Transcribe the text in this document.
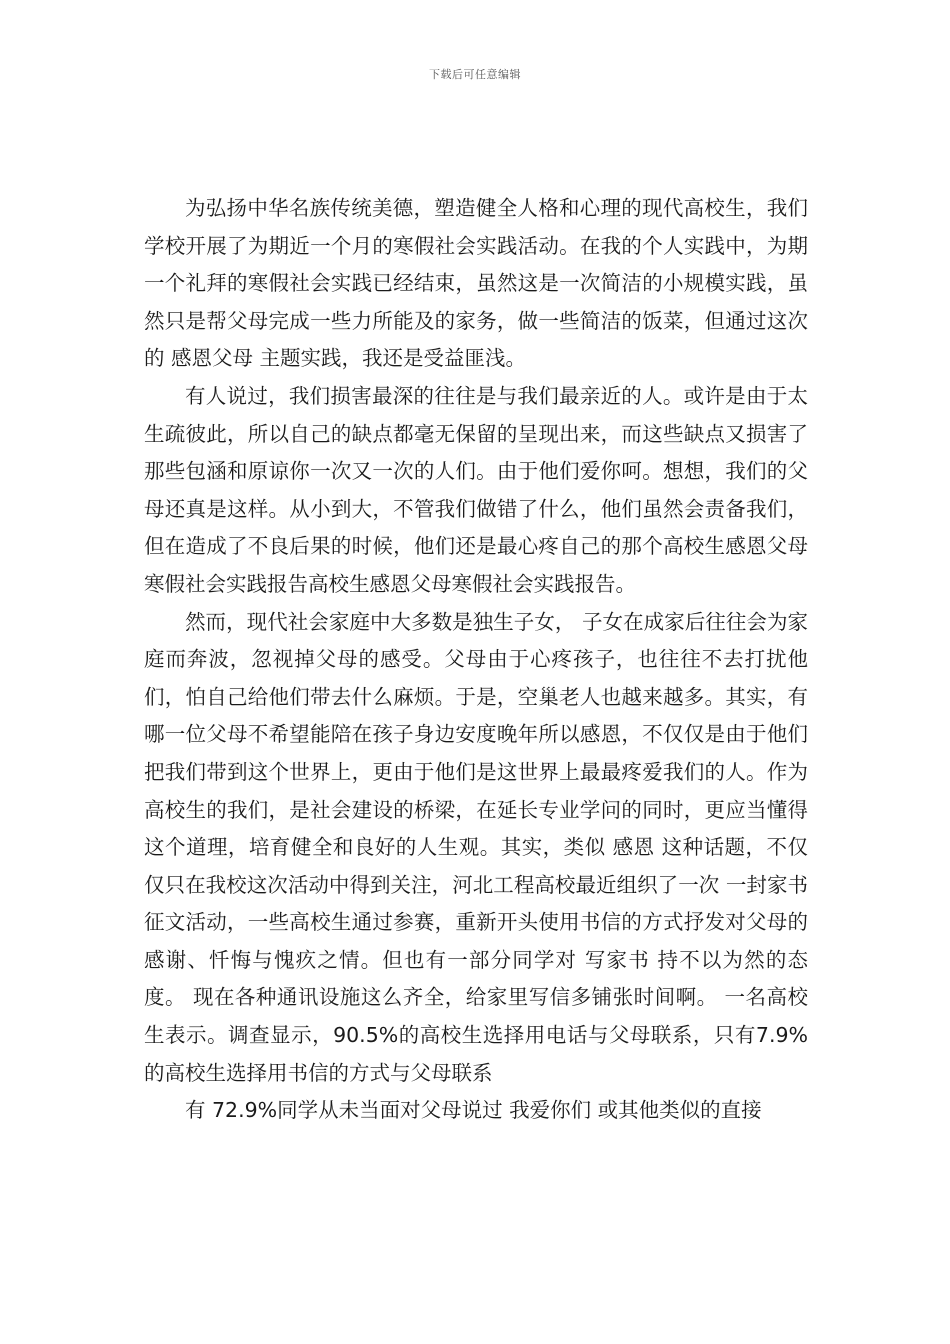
下载后可任意编辑

为弘扬中华名族传统美德，塑造健全人格和心理的现代高校生，我们学校开展了为期近一个月的寒假社会实践活动。在我的个人实践中，为期一个礼拜的寒假社会实践已经结束，虽然这是一次简洁的小规模实践，虽然只是帮父母完成一些力所能及的家务，做一些简洁的饭菜，但通过这次的 感恩父母 主题实践，我还是受益匪浅。

有人说过，我们损害最深的往往是与我们最亲近的人。或许是由于太生疏彼此，所以自己的缺点都毫无保留的呈现出来，而这些缺点又损害了那些包涵和原谅你一次又一次的人们。由于他们爱你呵。想想，我们的父母还真是这样。从小到大，不管我们做错了什么，他们虽然会责备我们，但在造成了不良后果的时候，他们还是最心疼自己的那个高校生感恩父母寒假社会实践报告高校生感恩父母寒假社会实践报告。

然而，现代社会家庭中大多数是独生子女， 子女在成家后往往会为家庭而奔波，忽视掉父母的感受。父母由于心疼孩子，也往往不去打扰他们，怕自己给他们带去什么麻烦。于是，空巢老人也越来越多。其实，有哪一位父母不希望能陪在孩子身边安度晚年所以感恩，不仅仅是由于他们把我们带到这个世界上，更由于他们是这世界上最最疼爱我们的人。作为高校生的我们，是社会建设的桥梁，在延长专业学问的同时，更应当懂得这个道理，培育健全和良好的人生观。其实，类似 感恩 这种话题，不仅仅只在我校这次活动中得到关注，河北工程高校最近组织了一次 一封家书 征文活动，一些高校生通过参赛，重新开头使用书信的方式抒发对父母的感谢、忏悔与愧疚之情。但也有一部分同学对 写家书 持不以为然的态度。 现在各种通讯设施这么齐全，给家里写信多铺张时间啊。 一名高校生表示。调查显示，90.5%的高校生选择用电话与父母联系，只有7.9%的高校生选择用书信的方式与父母联系

有 72.9%同学从未当面对父母说过 我爱你们 或其他类似的直接
